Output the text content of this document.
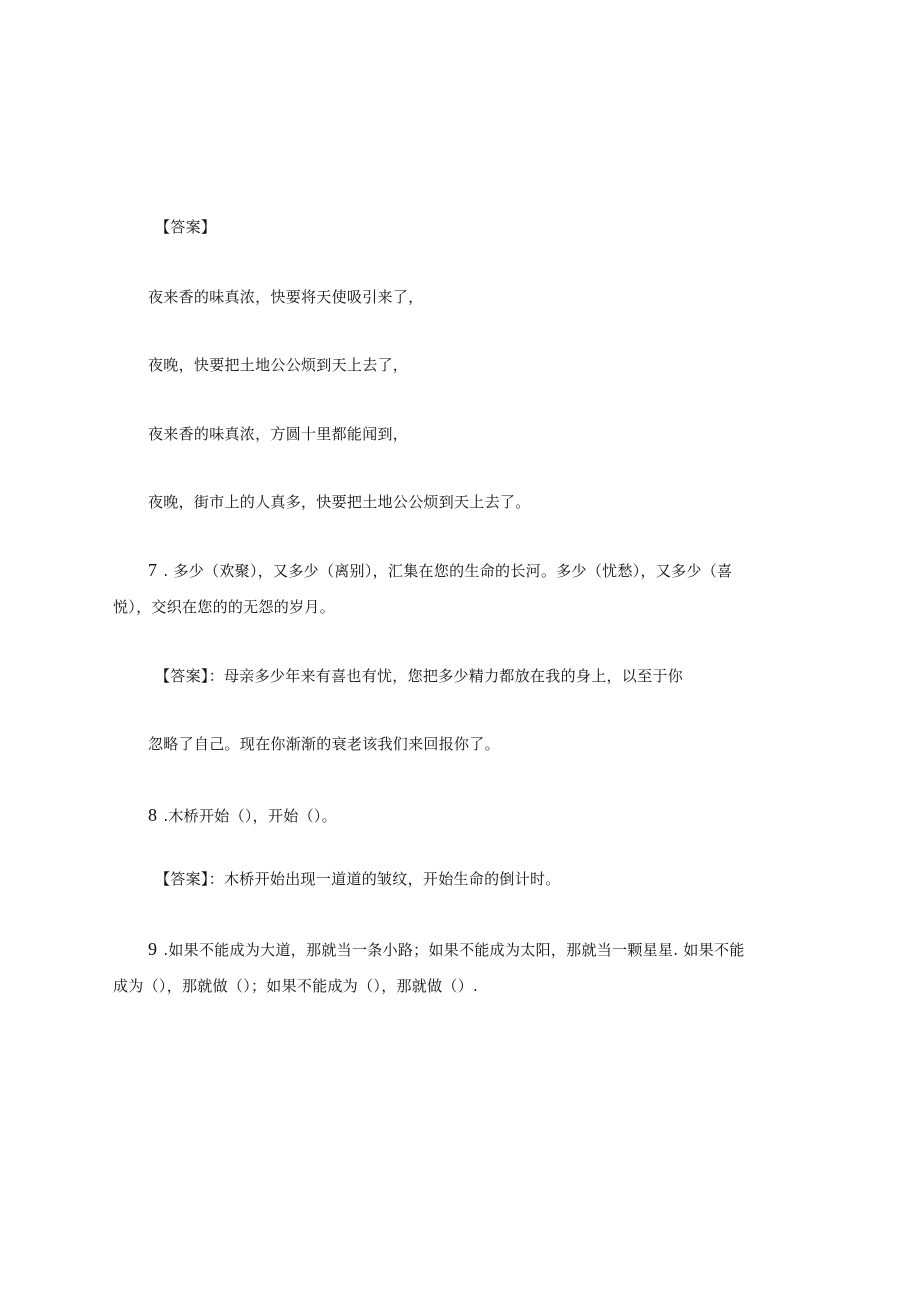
【答案】
夜来香的味真浓，快要将天使吸引来了，
夜晚，快要把土地公公烦到天上去了，
夜来香的味真浓，方圆十里都能闻到，
夜晚，街市上的人真多，快要把土地公公烦到天上去了。
7 . 多少（欢聚），又多少（离别），汇集在您的生命的长河。多少（忧愁），又多少（喜
悦），交织在您的的无怨的岁月。
【答案】：母亲多少年来有喜也有忧，您把多少精力都放在我的身上，以至于你
忽略了自己。现在你渐渐的衰老该我们来回报你了。
8 .木桥开始（），开始（）。
【答案】：木桥开始出现一道道的皱纹，开始生命的倒计时。
9 .如果不能成为大道，那就当一条小路；如果不能成为太阳，那就当一颗星星. 如果不能
成为（），那就做（）；如果不能成为（），那就做（）.
